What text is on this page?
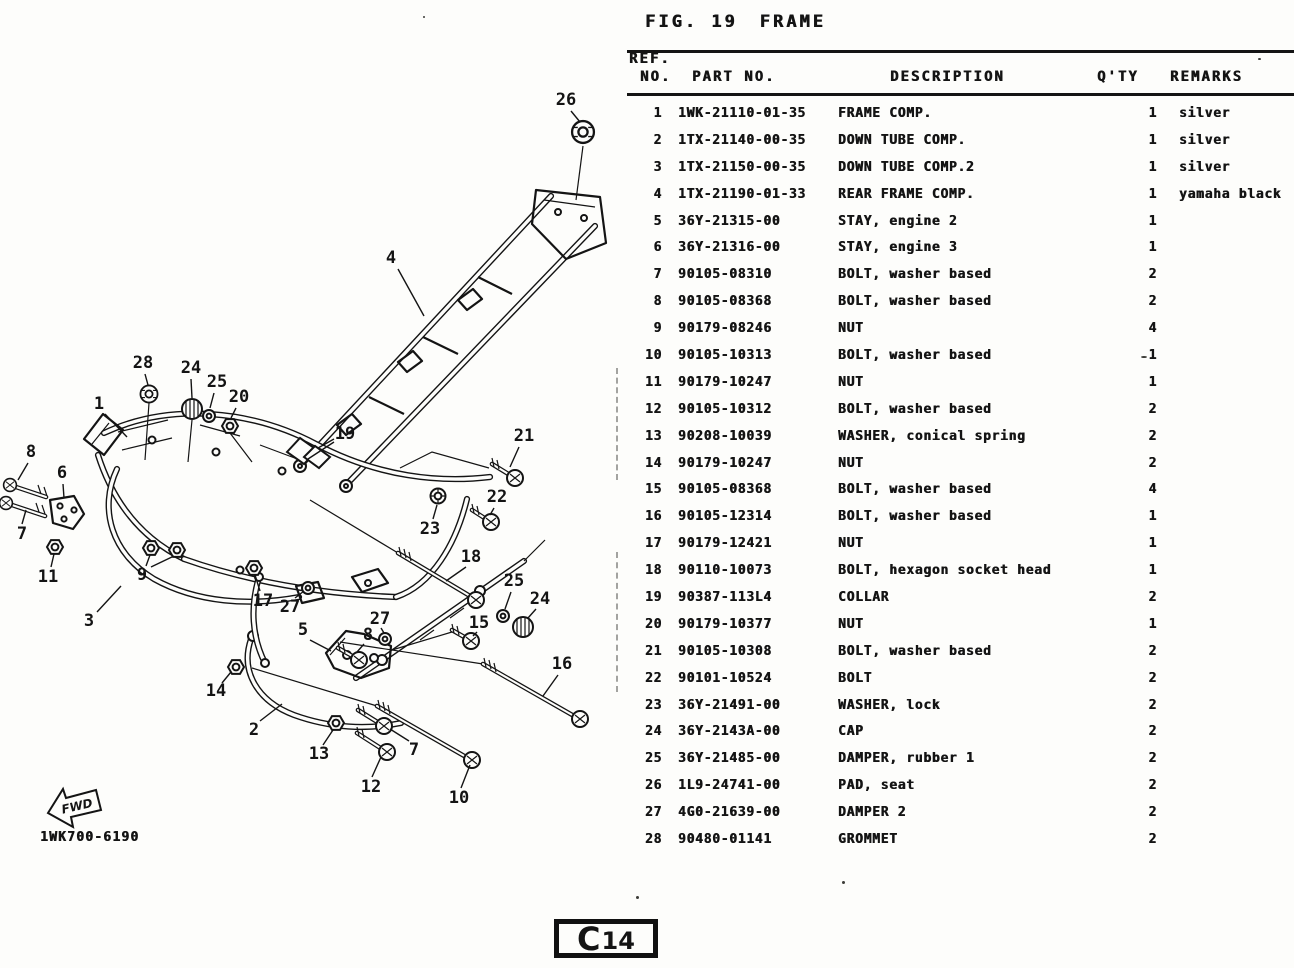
FIG. 19 FRAME
REF.
NO. PART NO.	DESCRIPTION	Q'TY REMARKS
1	1WK-21110-01-35	FRAME COMP.	1	silver
2	1TX-21140-00-35	DOWN TUBE COMP.	1	silver
3	1TX-21150-00-35	DOWN TUBE COMP.2	1	silver
4	1TX-21190-01-33	REAR FRAME COMP.	1	yamaha black
5	36Y-21315-00	STAY, engine 2	1	
6	36Y-21316-00	STAY, engine 3	1	
7	90105-08310	BOLT, washer based	2	
8	90105-08368	BOLT, washer based	2	
9	90179-08246	NUT	4	
10	90105-10313	BOLT, washer based	1	
11	90179-10247	NUT	1	
12	90105-10312	BOLT, washer based	2	
13	90208-10039	WASHER, conical spring	2	
14	90179-10247	NUT	2	
15	90105-08368	BOLT, washer based	4	
16	90105-12314	BOLT, washer based	1	
17	90179-12421	NUT	1	
18	90110-10073	BOLT, hexagon socket head	1	
19	90387-113L4	COLLAR	2	
20	90179-10377	NUT	1	
21	90105-10308	BOLT, washer based	2	
22	90101-10524	BOLT	2	
23	36Y-21491-00	WASHER, lock	2	
24	36Y-2143A-00	CAP	2	
25	36Y-21485-00	DAMPER, rubber 1	2	
26	1L9-24741-00	PAD, seat	2	
27	4G0-21639-00	DAMPER 2	2	
28	90480-01141	GROMMET	2	
FWD
26
4
28 24
25
20
1
19	21
8
6
22
23
7
18
9
11	25
24
17 27
3	27	15
5	8
16
14
2
7
13
12
10
1WK700-6190
C 14
